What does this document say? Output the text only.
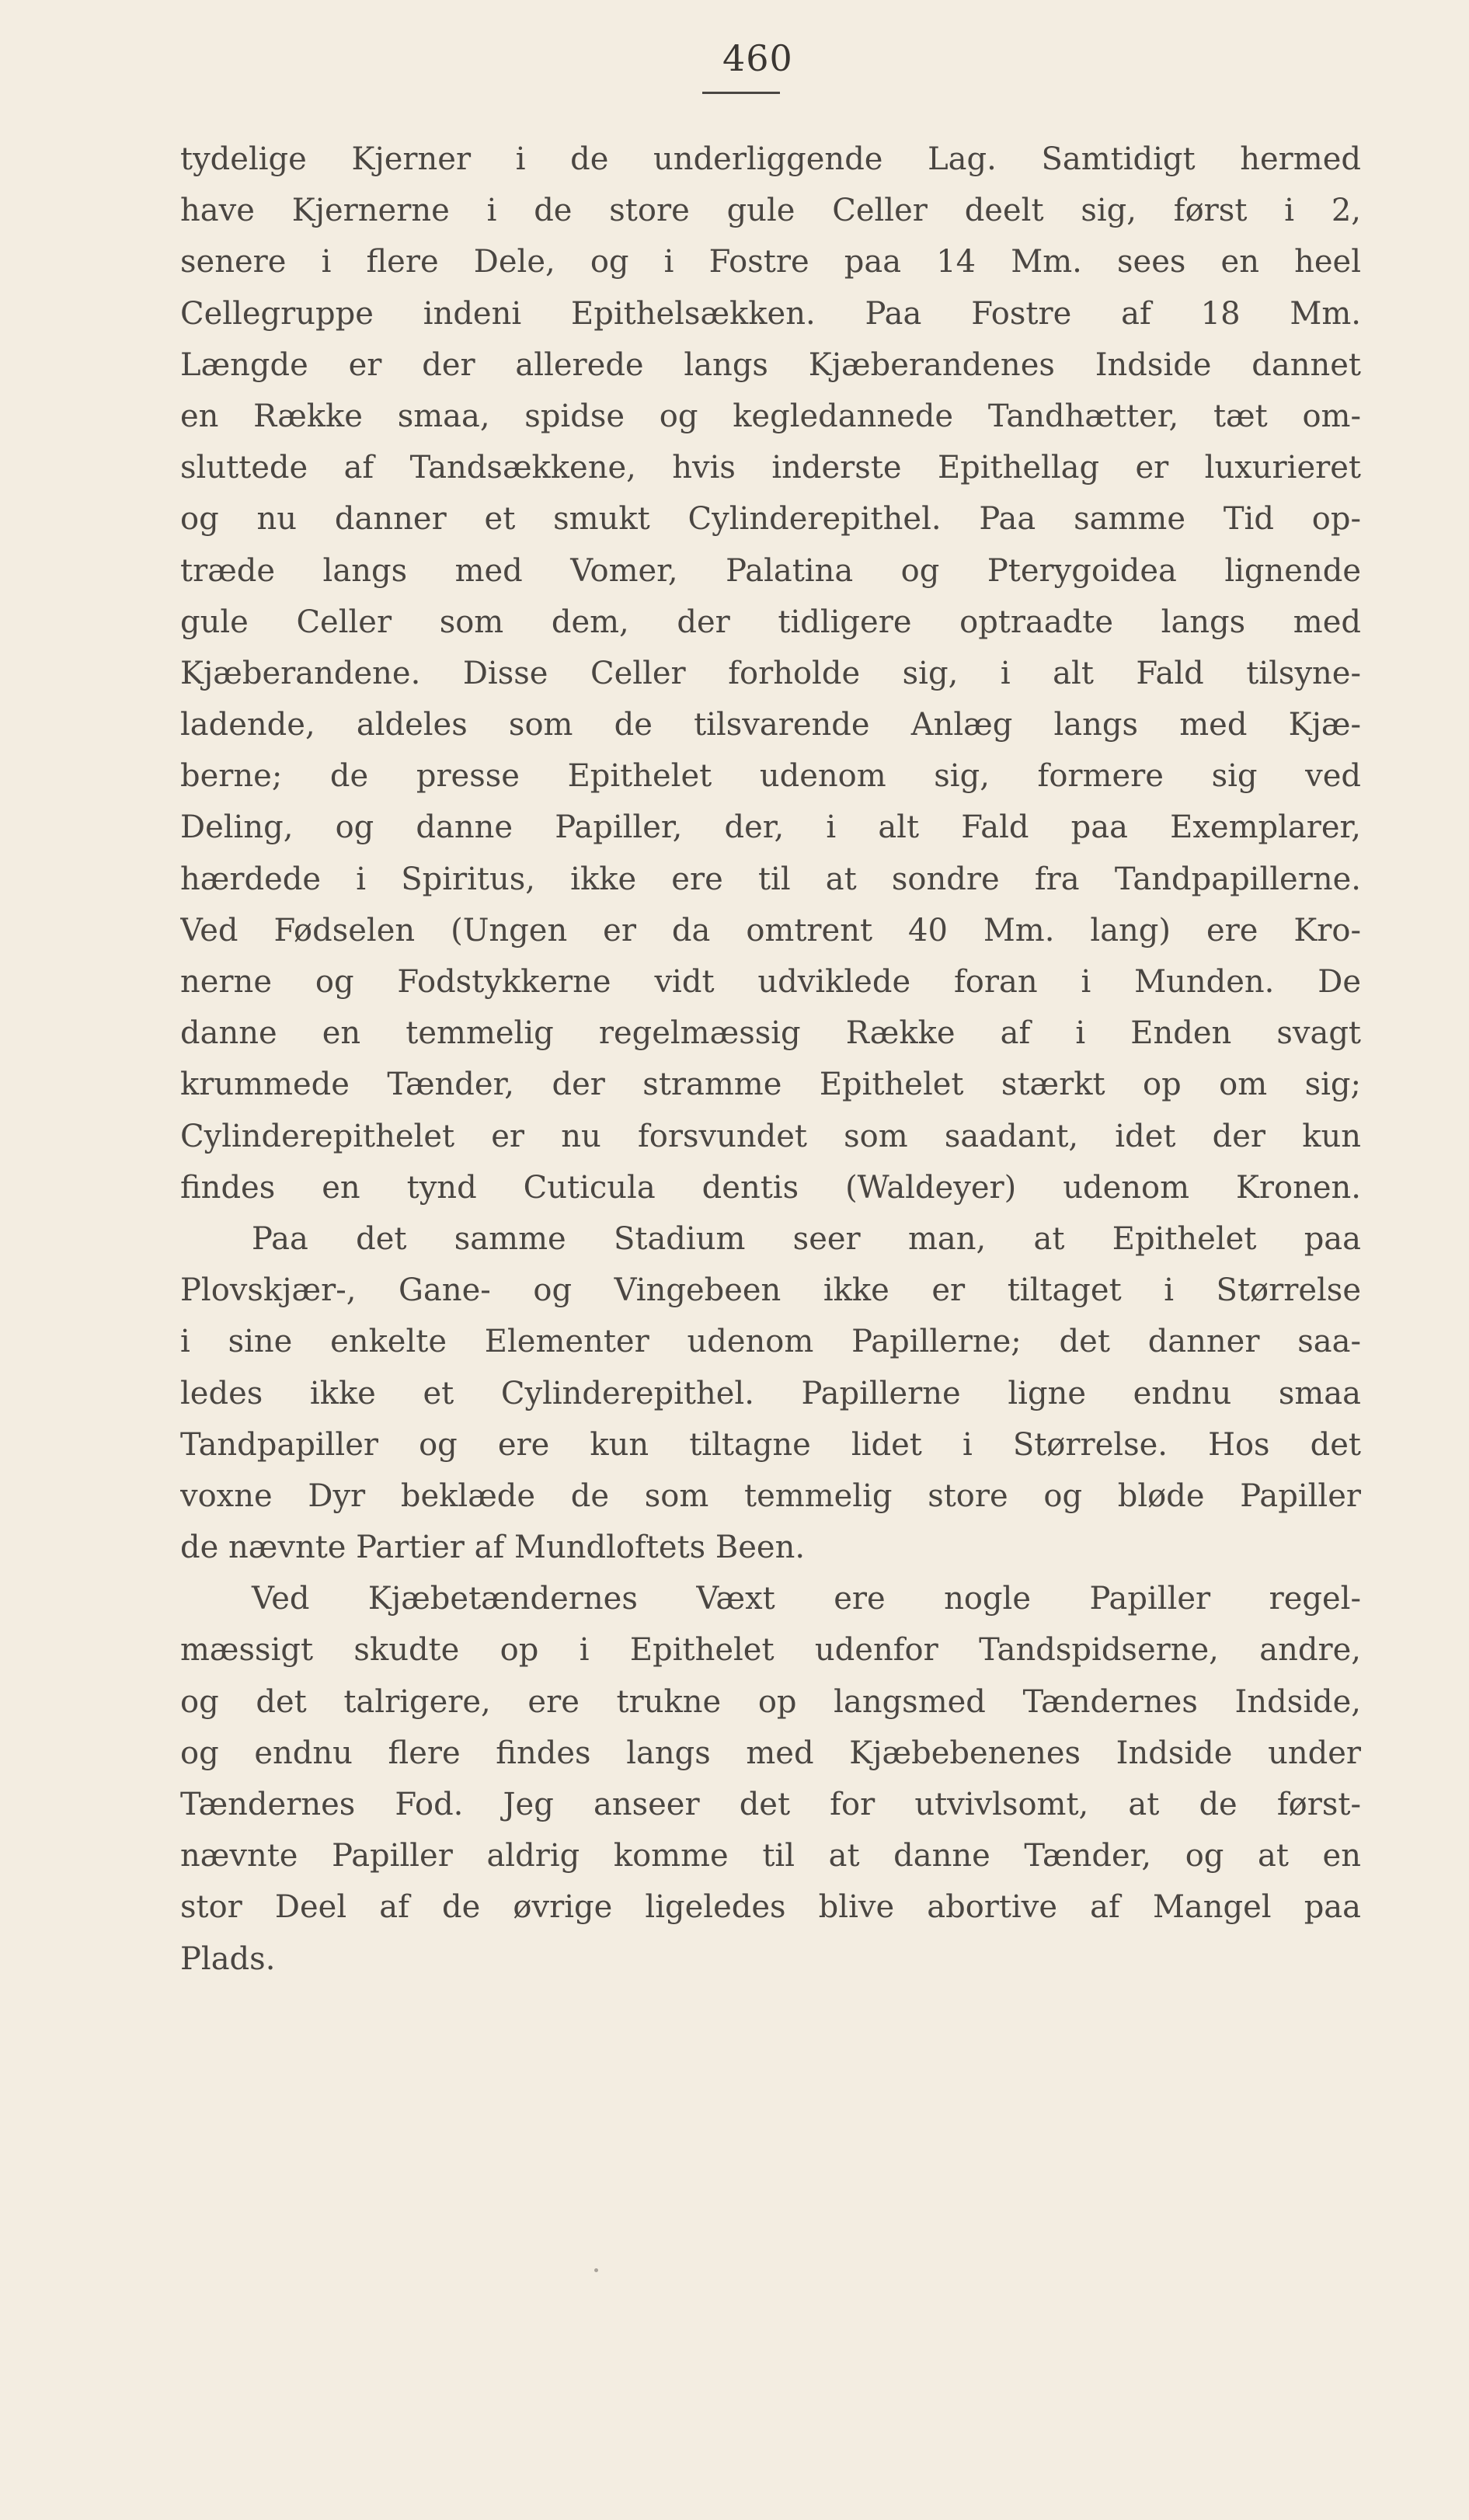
460
tydelige Kjerner i de underliggende Lag. Samtidigt hermed
have Kjernerne i de store gule Celler deelt sig, først i 2,
senere i flere Dele, og i Fostre paa 14 Mm. sees en heel
Cellegruppe indeni Epithelsækken. Paa Fostre af 18 Mm.
Længde er der allerede langs Kjæberandenes Indside dannet
en Række smaa, spidse og kegledannede Tandhætter, tæt om-
sluttede af Tandsækkene, hvis inderste Epithellag er luxurieret
og nu danner et smukt Cylinderepithel. Paa samme Tid op-
træde langs med Vomer, Palatina og Pterygoidea lignende
gule Celler som dem, der tidligere optraadte langs med
Kjæberandene. Disse Celler forholde sig, i alt Fald tilsyne-
ladende, aldeles som de tilsvarende Anlæg langs med Kjæ-
berne; de presse Epithelet udenom sig, formere sig ved
Deling, og danne Papiller, der, i alt Fald paa Exemplarer,
hærdede i Spiritus, ikke ere til at sondre fra Tandpapillerne.
Ved Fødselen (Ungen er da omtrent 40 Mm. lang) ere Kro-
nerne og Fodstykkerne vidt udviklede foran i Munden. De
danne en temmelig regelmæssig Række af i Enden svagt
krummede Tænder, der stramme Epithelet stærkt op om sig;
Cylinderepithelet er nu forsvundet som saadant, idet der kun
findes en tynd Cuticula dentis (Waldeyer) udenom Kronen.
Paa det samme Stadium seer man, at Epithelet paa
Plovskjær-, Gane- og Vingebeen ikke er tiltaget i Størrelse
i sine enkelte Elementer udenom Papillerne; det danner saa-
ledes ikke et Cylinderepithel. Papillerne ligne endnu smaa
Tandpapiller og ere kun tiltagne lidet i Størrelse. Hos det
voxne Dyr beklæde de som temmelig store og bløde Papiller
de nævnte Partier af Mundloftets Been.
Ved Kjæbetændernes Væxt ere nogle Papiller regel-
mæssigt skudte op i Epithelet udenfor Tandspidserne, andre,
og det talrigere, ere trukne op langsmed Tændernes Indside,
og endnu flere findes langs med Kjæbebenenes Indside under
Tændernes Fod. Jeg anseer det for utvivlsomt, at de først-
nævnte Papiller aldrig komme til at danne Tænder, og at en
stor Deel af de øvrige ligeledes blive abortive af Mangel paa
Plads.
